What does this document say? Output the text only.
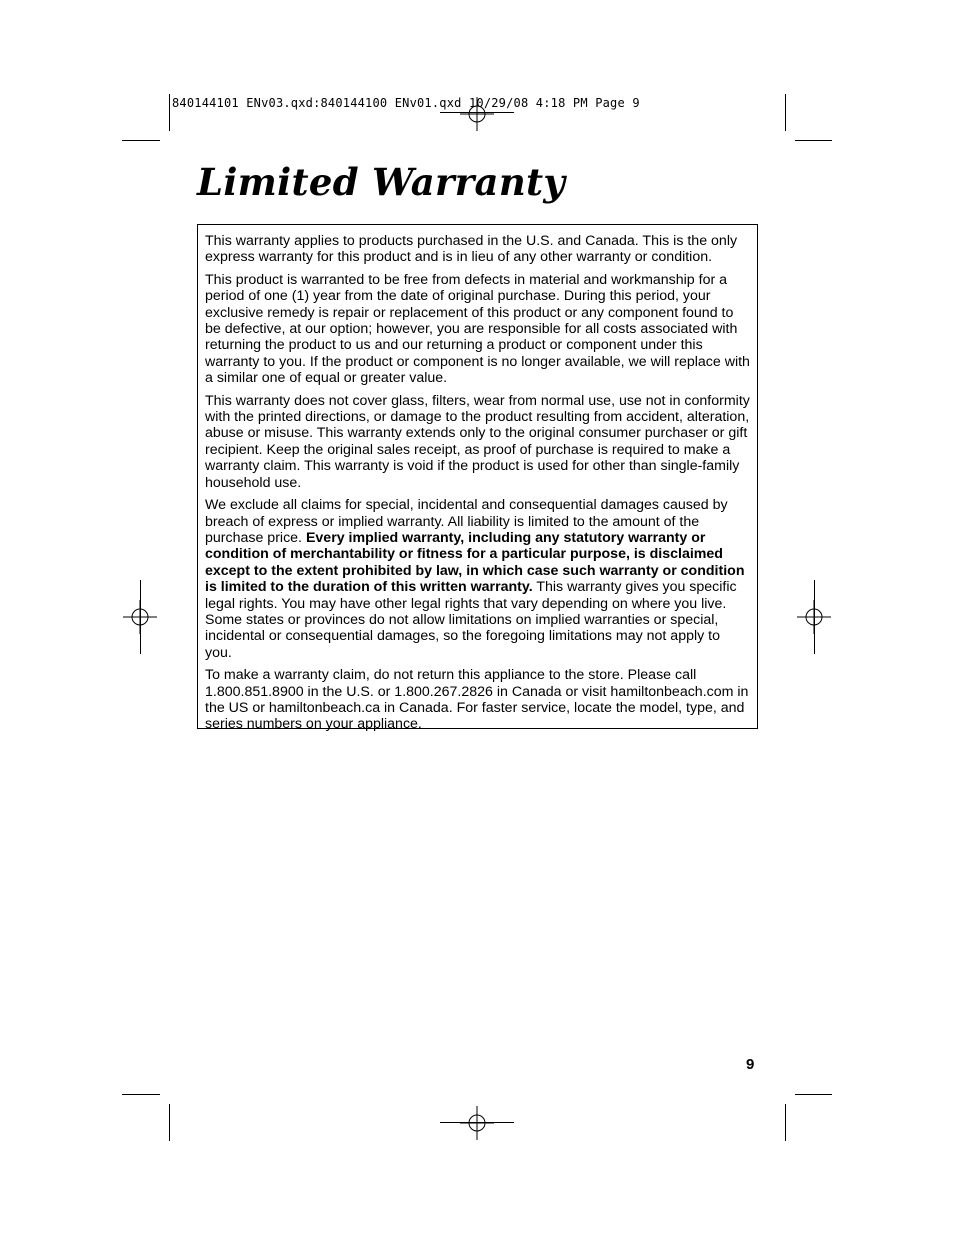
840144101 ENv03.qxd:840144100 ENv01.qxd 10/29/08 4:18 PM Page 9
Limited Warranty

This warranty applies to products purchased in the U.S. and Canada. This is the only express warranty for this product and is in lieu of any other warranty or condition.

This product is warranted to be free from defects in material and workmanship for a period of one (1) year from the date of original purchase. During this period, your exclusive remedy is repair or replacement of this product or any component found to be defective, at our option; however, you are responsible for all costs associated with returning the product to us and our returning a product or component under this warranty to you. If the product or component is no longer available, we will replace with a similar one of equal or greater value.

This warranty does not cover glass, filters, wear from normal use, use not in conformity with the printed directions, or damage to the product resulting from accident, alteration, abuse or misuse. This warranty extends only to the original consumer purchaser or gift recipient. Keep the original sales receipt, as proof of purchase is required to make a warranty claim. This warranty is void if the product is used for other than single-family household use.

We exclude all claims for special, incidental and consequential damages caused by breach of express or implied warranty. All liability is limited to the amount of the purchase price. Every implied warranty, including any statutory warranty or condition of merchantability or fitness for a particular purpose, is disclaimed except to the extent prohibited by law, in which case such warranty or condition is limited to the duration of this written warranty. This warranty gives you specific legal rights. You may have other legal rights that vary depending on where you live. Some states or provinces do not allow limitations on implied warranties or special, incidental or consequential damages, so the foregoing limitations may not apply to you.

To make a warranty claim, do not return this appliance to the store. Please call 1.800.851.8900 in the U.S. or 1.800.267.2826 in Canada or visit hamiltonbeach.com in the US or hamiltonbeach.ca in Canada. For faster service, locate the model, type, and series numbers on your appliance.

9
